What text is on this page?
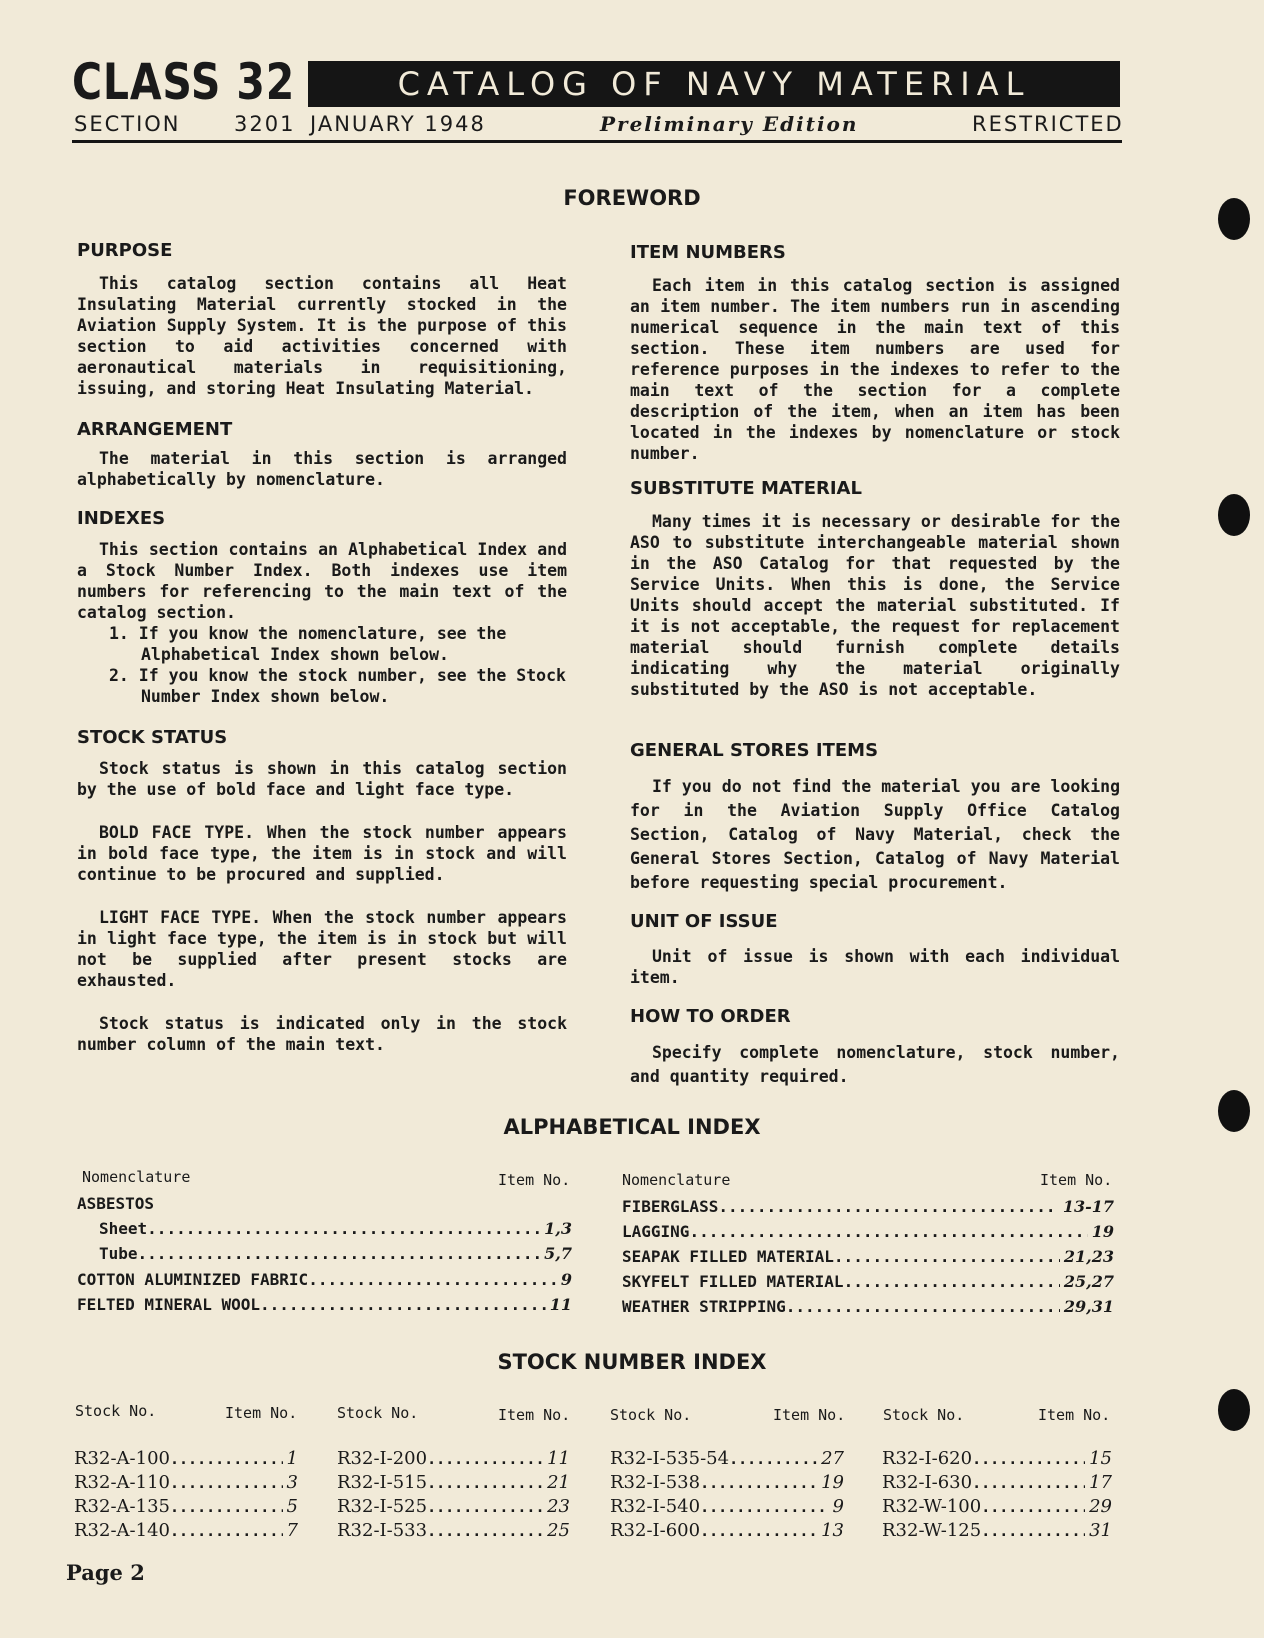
CLASS 32	CATALOG OF NAVY MATERIAL
SECTION	3201 JANUARY 1948	Preliminary Edition	RESTRICTED
FOREWORD
PURPOSE

This catalog section contains all Heat Insulating Material currently stocked in the Aviation Supply System. It is the purpose of this section to aid activities concerned with aeronautical materials in requisitioning, issuing, and storing Heat Insulating Material.

ARRANGEMENT

The material in this section is arranged alphabetically by nomenclature.

INDEXES

This section contains an Alphabetical Index and a Stock Number Index. Both indexes use item numbers for referencing to the main text of the catalog section.

1. If you know the nomenclature, see the Alphabetical Index shown below.
2. If you know the stock number, see the Stock Number Index shown below.
STOCK STATUS

Stock status is shown in this catalog section by the use of bold face and light face type.

BOLD FACE TYPE. When the stock number appears in bold face type, the item is in stock and will continue to be procured and supplied.

LIGHT FACE TYPE. When the stock number appears in light face type, the item is in stock but will not be supplied after present stocks are exhausted.

Stock status is indicated only in the stock number column of the main text.

ITEM NUMBERS

Each item in this catalog section is assigned an item number. The item numbers run in ascending numerical sequence in the main text of this section. These item numbers are used for reference purposes in the indexes to refer to the main text of the section for a complete description of the item, when an item has been located in the indexes by nomenclature or stock number.

SUBSTITUTE MATERIAL

Many times it is necessary or desirable for the ASO to substitute interchangeable material shown in the ASO Catalog for that requested by the Service Units. When this is done, the Service Units should accept the material substituted. If it is not acceptable, the request for replacement material should furnish complete details indicating why the material originally substituted by the ASO is not acceptable.

GENERAL STORES ITEMS

If you do not find the material you are looking for in the Aviation Supply Office Catalog Section, Catalog of Navy Material, check the General Stores Section, Catalog of Navy Material before requesting special procurement.

UNIT OF ISSUE

Unit of issue is shown with each individual item.

HOW TO ORDER

Specify complete nomenclature, stock number, and quantity required.

ALPHABETICAL INDEX
Nomenclature	Item No.	Nomenclature	Item No.
ASBESTOS
Sheet .....	1,3
Tube .....	5,7
COTTON ALUMINIZED FABRIC .....	9
FELTED MINERAL WOOL .....	11
FIBERGLASS .....	13-17
LAGGING .....	19
SEAPAK FILLED MATERIAL .....	21,23
SKYFELT FILLED MATERIAL .....	25,27
WEATHER STRIPPING .....	29,31
STOCK NUMBER INDEX
Stock No.	Item No.	Stock No.	Item No.	Stock No.	Item No.	Stock No.	Item No.
R32-A-100 .....	1
R32-A-110 .....	3
R32-A-135 .....	5
R32-A-140 .....	7
R32-I-200 .....	11
R32-I-515 .....	21
R32-I-525 .....	23
R32-I-533 .....	25
R32-I-535-54 .....	27
R32-I-538 .....	19
R32-I-540 .....	9
R32-I-600 .....	13
R32-I-620 .....	15
R32-I-630 .....	17
R32-W-100 .....	29
R32-W-125 .....	31
Page 2
